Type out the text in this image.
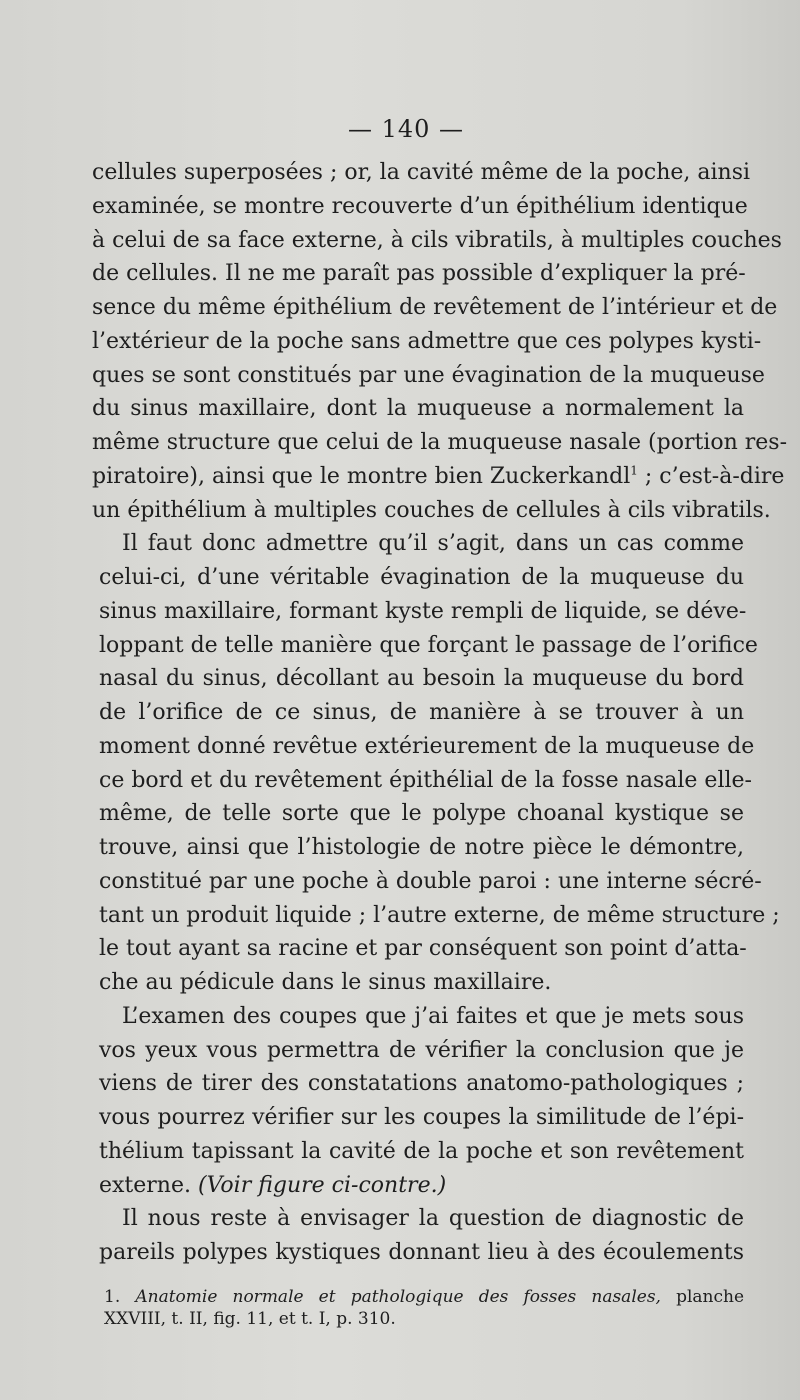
— 140 —
cellules superposées ; or, la cavité même de la poche, ainsi
examinée, se montre recouverte d’un épithélium identique
à celui de sa face externe, à cils vibratils, à multiples couches
de cellules. Il ne me paraît pas possible d’expliquer la pré-
sence du même épithélium de revêtement de l’intérieur et de
l’extérieur de la poche sans admettre que ces polypes kysti-
ques se sont constitués par une évagination de la muqueuse
du sinus maxillaire, dont la muqueuse a normalement la
même structure que celui de la muqueuse nasale (portion res-
piratoire), ainsi que le montre bien Zuckerkandl$^1$ ; c’est-à-dire
un épithélium à multiples couches de cellules à cils vibratils.
Il faut donc admettre qu’il s’agit, dans un cas comme
celui-ci, d’une véritable évagination de la muqueuse du
sinus maxillaire, formant kyste rempli de liquide, se déve-
loppant de telle manière que forçant le passage de l’orifice
nasal du sinus, décollant au besoin la muqueuse du bord
de l’orifice de ce sinus, de manière à se trouver à un
moment donné revêtue extérieurement de la muqueuse de
ce bord et du revêtement épithélial de la fosse nasale elle-
même, de telle sorte que le polype choanal kystique se
trouve, ainsi que l’histologie de notre pièce le démontre,
constitué par une poche à double paroi : une interne sécré-
tant un produit liquide ; l’autre externe, de même structure ;
le tout ayant sa racine et par conséquent son point d’atta-
che au pédicule dans le sinus maxillaire.
L’examen des coupes que j’ai faites et que je mets sous
vos yeux vous permettra de vérifier la conclusion que je
viens de tirer des constatations anatomo-pathologiques ;
vous pourrez vérifier sur les coupes la similitude de l’épi-
thélium tapissant la cavité de la poche et son revêtement
externe. (Voir figure ci-contre.)
Il nous reste à envisager la question de diagnostic de
pareils polypes kystiques donnant lieu à des écoulements
1. Anatomie normale et pathologique des fosses nasales, planche
XXVIII, t. II, fig. 11, et t. I, p. 310.
